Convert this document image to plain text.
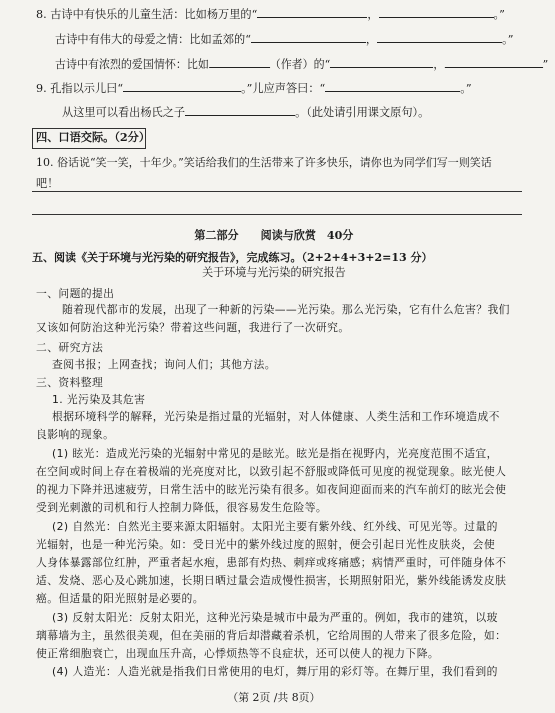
8. 古诗中有快乐的儿童生活：比如杨万里的“	，	。”
古诗中有伟大的母爱之情：比如孟郊的“	，	。”
古诗中有浓烈的爱国情怀：比如	（作者）的“	，	”
9. 孔指以示儿曰“	。”儿应声答曰：“	。”
从这里可以看出杨氏之子	。（此处请引用课文原句）。
四、口语交际。（2分）
10. 俗话说“笑一笑，十年少。”笑话给我们的生活带来了许多快乐，请你也为同学们写一则笑话
吧！
第二部分　　阅读与欣赏　40分
五、阅读《关于环境与光污染的研究报告》，完成练习。（2+2+4+3+2=13 分）
关于环境与光污染的研究报告
一、问题的提出
随着现代都市的发展，出现了一种新的污染——光污染。那么光污染，它有什么危害？我们
又该如何防治这种光污染？带着这些问题，我进行了一次研究。
二、研究方法
查阅书报；上网查找；询问人们；其他方法。
三、资料整理
1. 光污染及其危害
根据环境科学的解释，光污染是指过量的光辐射，对人体健康、人类生活和工作环境造成不
良影响的现象。
(1) 眩光：造成光污染的光辐射中常见的是眩光。眩光是指在视野内，光亮度范围不适宜，
在空间或时间上存在着极端的光亮度对比，以致引起不舒服或降低可见度的视觉现象。眩光使人
的视力下降并迅速疲劳，日常生活中的眩光污染有很多。如夜间迎面而来的汽车前灯的眩光会使
受到光刺激的司机和行人控制力降低，很容易发生危险等。
(2) 自然光：自然光主要来源太阳辐射。太阳光主要有紫外线、红外线、可见光等。过量的
光辐射，也是一种光污染。如：受日光中的紫外线过度的照射，便会引起日光性皮肤炎，会使
人身体暴露部位红肿，严重者起水疱，患部有灼热、刺痒或疼痛感；病情严重时，可伴随身体不
适、发烧、恶心及心跳加速，长期日晒过量会造成慢性损害，长期照射阳光，紫外线能诱发皮肤
癌。但适量的阳光照射是必要的。
(3) 反射太阳光：反射太阳光，这种光污染是城市中最为严重的。例如，我市的建筑，以玻
璃幕墙为主，虽然很美观，但在美丽的背后却潜藏着杀机，它给周围的人带来了很多危险，如：
使正常细胞衰亡，出现血压升高，心悸烦热等不良症状，还可以使人的视力下降。
(4) 人造光：人造光就是指我们日常使用的电灯，舞厅用的彩灯等。在舞厅里，我们看到的
（第 2页 /共 8页）
